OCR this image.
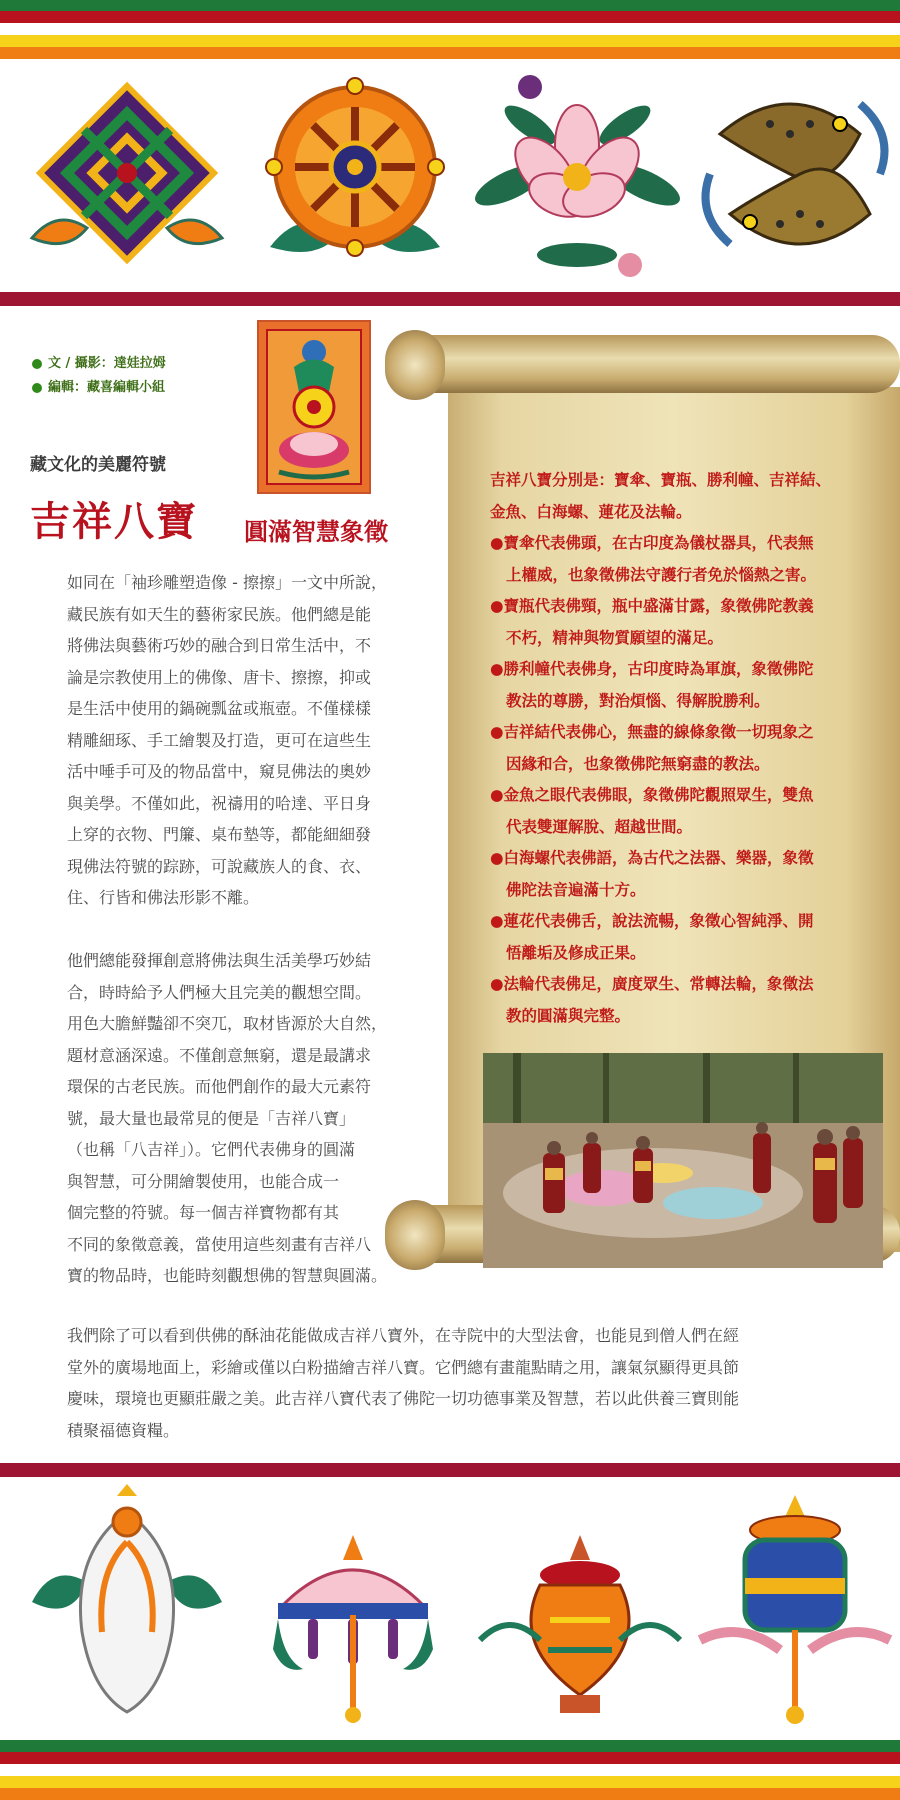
文 / 攝影：達娃拉姆
編輯：藏喜編輯小組
藏文化的美麗符號
吉祥八寶 圓滿智慧象徵
如同在「袖珍雕塑造像 - 擦擦」一文中所說，
藏民族有如天生的藝術家民族。他們總是能
將佛法與藝術巧妙的融合到日常生活中，不
論是宗教使用上的佛像、唐卡、擦擦，抑或
是生活中使用的鍋碗瓢盆或瓶壺。不僅樣樣
精雕細琢、手工繪製及打造，更可在這些生
活中唾手可及的物品當中，窺見佛法的奧妙
與美學。不僅如此，祝禱用的哈達、平日身
上穿的衣物、門簾、桌布墊等，都能細細發
現佛法符號的踪跡，可說藏族人的食、衣、
住、行皆和佛法形影不離。
他們總能發揮創意將佛法與生活美學巧妙結
合，時時給予人們極大且完美的觀想空間。
用色大膽鮮豔卻不突兀，取材皆源於大自然，
題材意涵深遠。不僅創意無窮，還是最講求
環保的古老民族。而他們創作的最大元素符
號，最大量也最常見的便是「吉祥八寶」
（也稱「八吉祥」）。它們代表佛身的圓滿
與智慧，可分開繪製使用，也能合成一
個完整的符號。每一個吉祥寶物都有其
不同的象徵意義，當使用這些刻畫有吉祥八
寶的物品時，也能時刻觀想佛的智慧與圓滿。
吉祥八寶分別是：寶傘、寶瓶、勝利幢、吉祥結、
金魚、白海螺、蓮花及法輪。
●寶傘代表佛頭，在古印度為儀杖器具，代表無
上權威，也象徵佛法守護行者免於惱熱之害。
●寶瓶代表佛頸，瓶中盛滿甘露，象徵佛陀教義
不朽，精神與物質願望的滿足。
●勝利幢代表佛身，古印度時為軍旗，象徵佛陀
教法的尊勝，對治煩惱、得解脫勝利。
●吉祥結代表佛心，無盡的線條象徵一切現象之
因緣和合，也象徵佛陀無窮盡的教法。
●金魚之眼代表佛眼，象徵佛陀觀照眾生，雙魚
代表雙運解脫、超越世間。
●白海螺代表佛語，為古代之法器、樂器，象徵
佛陀法音遍滿十方。
●蓮花代表佛舌，說法流暢，象徵心智純淨、開
悟離垢及修成正果。
●法輪代表佛足，廣度眾生、常轉法輪，象徵法
教的圓滿與完整。
我們除了可以看到供佛的酥油花能做成吉祥八寶外，在寺院中的大型法會，也能見到僧人們在經
堂外的廣場地面上，彩繪或僅以白粉描繪吉祥八寶。它們總有畫龍點睛之用，讓氣氛顯得更具節
慶味，環境也更顯莊嚴之美。此吉祥八寶代表了佛陀一切功德事業及智慧，若以此供養三寶則能
積聚福德資糧。
